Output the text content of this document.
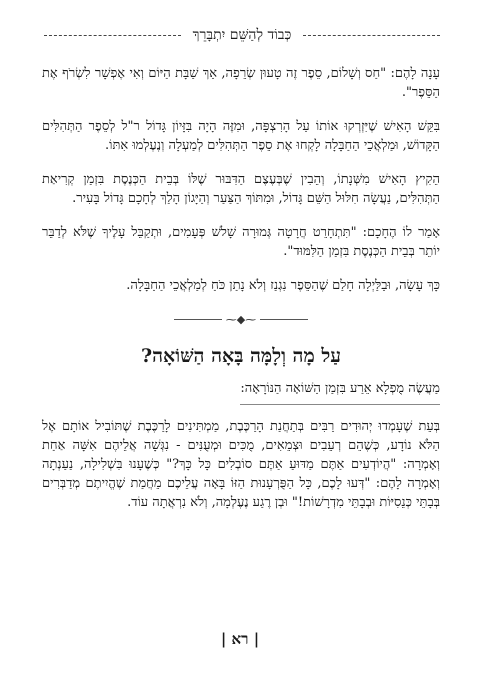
כְּבוֹד לְהַשֵּׁם יִתְבָּרֵךְ

עָנָה לָהֶם: "חַס וְשָׁלוֹם, סֵפֶר זֶה טָעוּן שְׂרֵפָה, אַךְ שַׁבָּת הַיּוֹם וְאִי אֶפְשָׁר לִשְׂרֹף אֶת הַסֵּפֶר".

בִּקֵּשׁ הָאִישׁ שֶׁיִּזְרְקוּ אוֹתוֹ עַל הָרִצְפָּה, וּמִזֶּה הָיָה בִּזָּיוֹן גָּדוֹל ר"ל לְסֵפֶר הַתְּהִלִּים הַקָּדוֹשׁ, וּמַלְאֲכֵי הַחַבָּלָה לָקְחוּ אֶת סֵפֶר הַתְּהִלִּים לְמַעְלָה וְנֶעֶלְמוּ אִתּוֹ.

הֵקִיץ הָאִישׁ מִשְּׁנָתוֹ, וְהֵבִין שֶׁבְּעֶצֶם הַדִּבּוּר שֶׁלּוֹ בְּבֵית הַכְּנֶסֶת בִּזְמַן קְרִיאַת הַתְּהִלִּים, נַעֲשָׂה חִלּוּל הַשֵּׁם גָּדוֹל, וּמִתּוֹךְ הַצַּעַר וְהַיָּגוֹן הָלַךְ לְחָכָם גָּדוֹל בָּעִיר.

אָמַר לוֹ הֶחָכָם: "תִּתְחָרֵט חֲרָטָה גְּמוּרָה שָׁלֹשׁ פְּעָמִים, וּתְקַבֵּל עָלֶיךָ שֶׁלֹּא לְדַבֵּר יוֹתֵר בְּבֵית הַכְּנֶסֶת בִּזְמַן הַלִּמּוּד".

כָּךְ עָשָׂה, וּבַלַּיְלָה חָלַם שֶׁהַסֵּפֶר נִגְנַז וְלֹא נָתַן כֹּחַ לְמַלְאֲכֵי הַחַבָּלָה.

⁓◆⁓
עַל מָה וְלָמָּה בָּאָה הַשּׁוֹאָה?
מַעֲשֶׂה מֻפְלָא אֵרַע בִּזְמַן הַשּׁוֹאָה הַנּוֹרָאָה:

בְּעֵת שֶׁעָמְדוּ יְהוּדִים רַבִּים בְּתַחֲנַת הָרַכֶּבֶת, מַמְתִּינִים לָרַכֶּבֶת שֶׁתּוֹבִיל אוֹתָם אֶל הַלֹּא נוֹדָע, כְּשֶׁהֵם רְעֵבִים וּצְמֵאִים, מֻכִּים וּמְעֻנִּים - נִגְּשָׁה אֲלֵיהֶם אִשָּׁה אַחַת וְאָמְרָה: "הֲיוֹדְעִים אַתֶּם מַדּוּעַ אַתֶּם סוֹבְלִים כָּל כָּךְ?" כְּשֶׁעָנוּ בִּשְׁלִילָה, נַעַנְתָה וְאָמְרָה לָהֶם: "דְּעוּ לָכֶם, כָּל הַפֻּרְעָנוּת הַזּוֹ בָּאָה עֲלֵיכֶם מֵחֲמַת שֶׁהֱיִיתֶם מְדַבְּרִים בְּבָתֵּי כְּנֵסִיּוֹת וּבְבָתֵּי מִדְרָשׁוֹת!" וּבְן רֶגַע נֶעֶלְמָה, וְלֹא נִרְאֲתָה עוֹד.

| רא |
